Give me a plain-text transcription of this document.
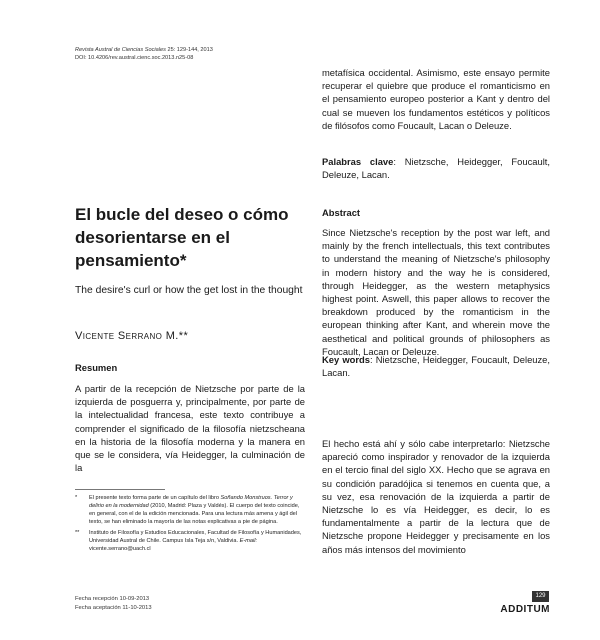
Revista Austral de Ciencias Sociales 25: 129-144, 2013
DOI: 10.4206/rev.austral.cienc.soc.2013.n25-08
El bucle del deseo o cómo desorientarse en el pensamiento*
The desire's curl or how the get lost in the thought
Vicente Serrano M.**
Resumen
A partir de la recepción de Nietzsche por parte de la izquierda de posguerra y, principalmente, por parte de la intelectualidad francesa, este texto contribuye a comprender el significado de la filosofía nietzscheana en la historia de la filosofía moderna y la manera en que se le considera, vía Heidegger, la culminación de la
*	El presente texto forma parte de un capítulo del libro Soñando Monstruos. Terror y delirio en la modernidad (2010, Madrid: Plaza y Valdés). El cuerpo del texto coincide, en general, con el de la edición mencionada. Para una lectura más amena y ágil del texto, se han eliminado la mayoría de las notas explicativas a pie de página.
**	Instituto de Filosofía y Estudios Educacionales, Facultad de Filosofía y Humanidades, Universidad Austral de Chile. Campus Isla Teja s/n, Valdivia. E-mail: vicente.serrano@uach.cl
Fecha recepción 10-09-2013
Fecha aceptación 11-10-2013
metafísica occidental. Asimismo, este ensayo permite recuperar el quiebre que produce el romanticismo en el pensamiento europeo posterior a Kant y dentro del cual se mueven los fundamentos estéticos y políticos de filósofos como Foucault, Lacan o Deleuze.
Palabras clave: Nietzsche, Heidegger, Foucault, Deleuze, Lacan.
Abstract
Since Nietzsche's reception by the post war left, and mainly by the french intellectuals, this text contributes to understand the meaning of Nietzsche's philosophy in modern history and the way he is considered, through Heidegger, as the western metaphysics highest point. Aswell, this paper allows to recover the breakdown produced by the romanticism in the european thinking after Kant, and wherein move the aesthetical and political grounds of philosophers as Foucault, Lacan or Deleuze.
Key words: Nietzsche, Heidegger, Foucault, Deleuze, Lacan.
El hecho está ahí y sólo cabe interpretarlo: Nietzsche apareció como inspirador y renovador de la izquierda en el tercio final del siglo XX. Hecho que se agrava en su condición paradójica si tenemos en cuenta que, a su vez, esa renovación de la izquierda a partir de Nietzsche lo es vía Heidegger, es decir, lo es fundamentalmente a partir de la lectura que de Nietzsche propone Heidegger y precisamente en los años más intensos del movimiento
129
ADDITUM
